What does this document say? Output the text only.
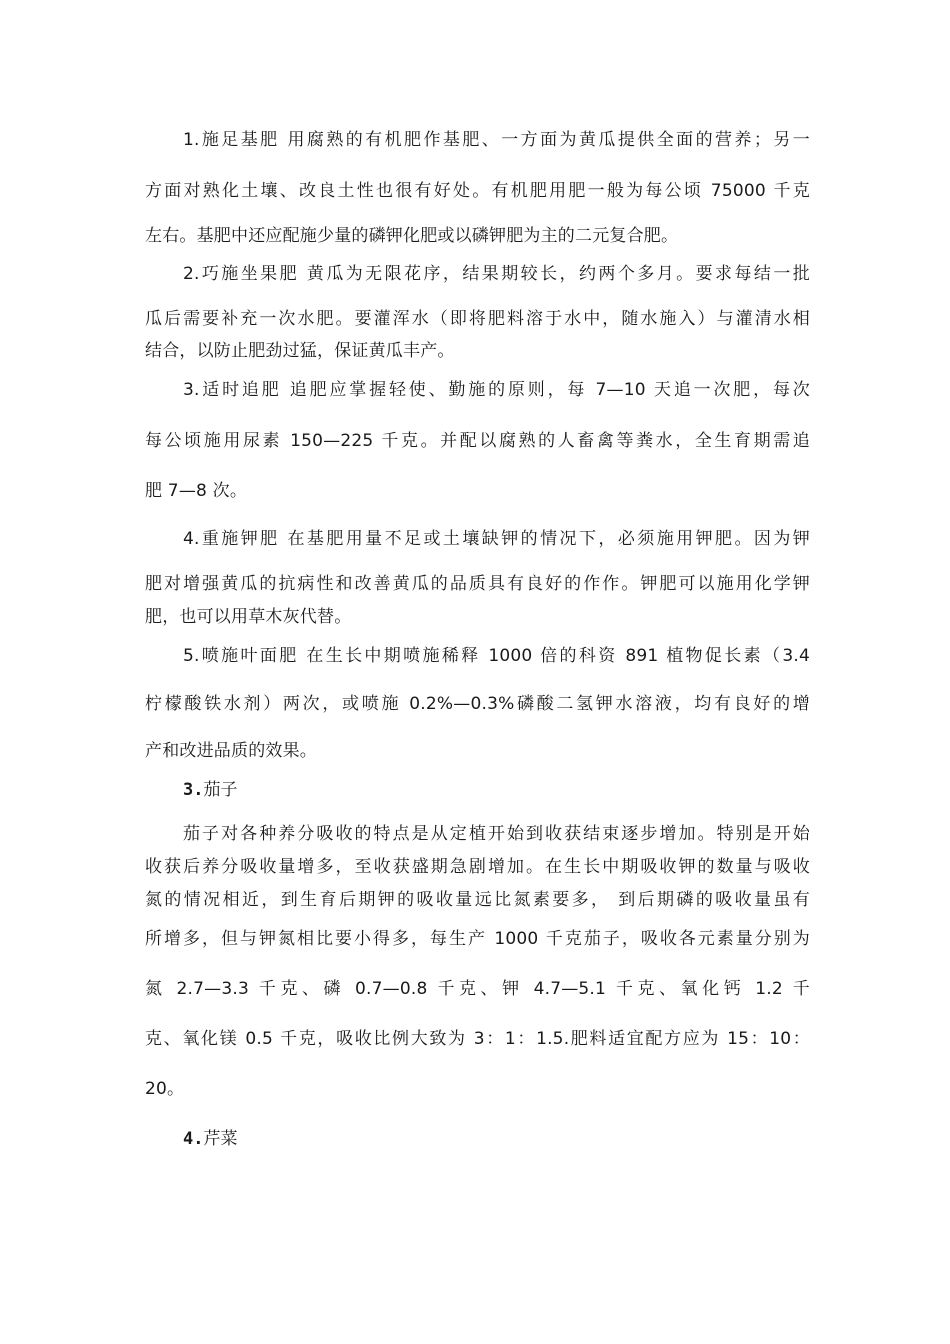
1.施足基肥 用腐熟的有机肥作基肥、一方面为黄瓜提供全面的营养；另一
方面对熟化土壤、改良土性也很有好处。有机肥用肥一般为每公顷 75000 千克
左右。基肥中还应配施少量的磷钾化肥或以磷钾肥为主的二元复合肥。
2.巧施坐果肥 黄瓜为无限花序，结果期较长，约两个多月。要求每结一批
瓜后需要补充一次水肥。要灌浑水（即将肥料溶于水中，随水施入）与灌清水相
结合，以防止肥劲过猛，保证黄瓜丰产。
3.适时追肥 追肥应掌握轻使、勤施的原则，每 7—10 天追一次肥，每次
每公顷施用尿素 150—225 千克。并配以腐熟的人畜禽等粪水，全生育期需追
肥 7—8 次。
4.重施钾肥 在基肥用量不足或土壤缺钾的情况下，必须施用钾肥。因为钾
肥对增强黄瓜的抗病性和改善黄瓜的品质具有良好的作作。钾肥可以施用化学钾
肥，也可以用草木灰代替。
5.喷施叶面肥 在生长中期喷施稀释 1000 倍的科资 891 植物促长素（3.4
柠檬酸铁水剂）两次，或喷施 0.2%—0.3%磷酸二氢钾水溶液，均有良好的增
产和改进品质的效果。
3.茄子
茄子对各种养分吸收的特点是从定植开始到收获结束逐步增加。特别是开始
收获后养分吸收量增多，至收获盛期急剧增加。在生长中期吸收钾的数量与吸收
氮的情况相近，到生育后期钾的吸收量远比氮素要多， 到后期磷的吸收量虽有
所增多，但与钾氮相比要小得多，每生产 1000 千克茄子，吸收各元素量分别为
氮 2.7—3.3 千克、磷 0.7—0.8 千克、钾 4.7—5.1 千克、氧化钙 1.2 千
克、氧化镁 0.5 千克，吸收比例大致为 3：1：1.5.肥料适宜配方应为 15：10：
20。
4.芹菜
